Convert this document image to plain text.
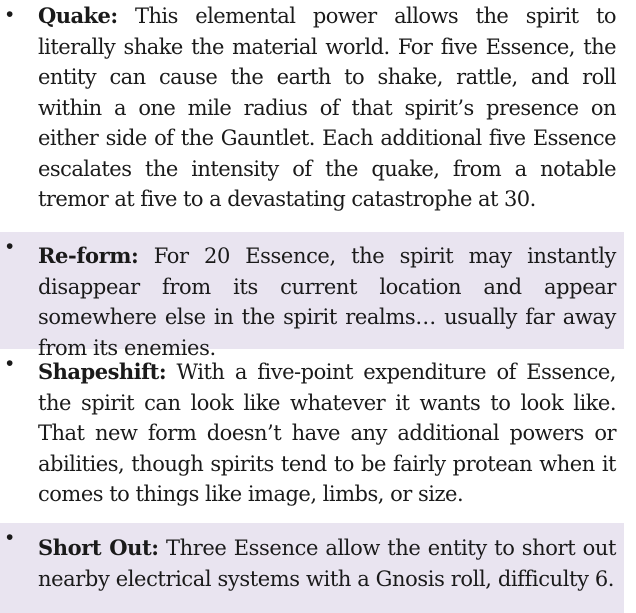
•	Quake: This elemental power allows the spirit to literally shake the material world. For five Essence, the entity can cause the earth to shake, rattle, and roll within a one mile radius of that spirit’s presence on either side of the Gauntlet. Each additional five Essence escalates the intensity of the quake, from a notable tremor at five to a devastating catastrophe at 30.

•	Re-form: For 20 Essence, the spirit may instantly disappear from its current location and appear somewhere else in the spirit realms… usually far away from its enemies.

•	Shapeshift: With a five-point expenditure of Essence, the spirit can look like whatever it wants to look like. That new form doesn’t have any additional powers or abilities, though spirits tend to be fairly protean when it comes to things like image, limbs, or size.

•	Short Out: Three Essence allow the entity to short out nearby electrical systems with a Gnosis roll, difficulty 6.
